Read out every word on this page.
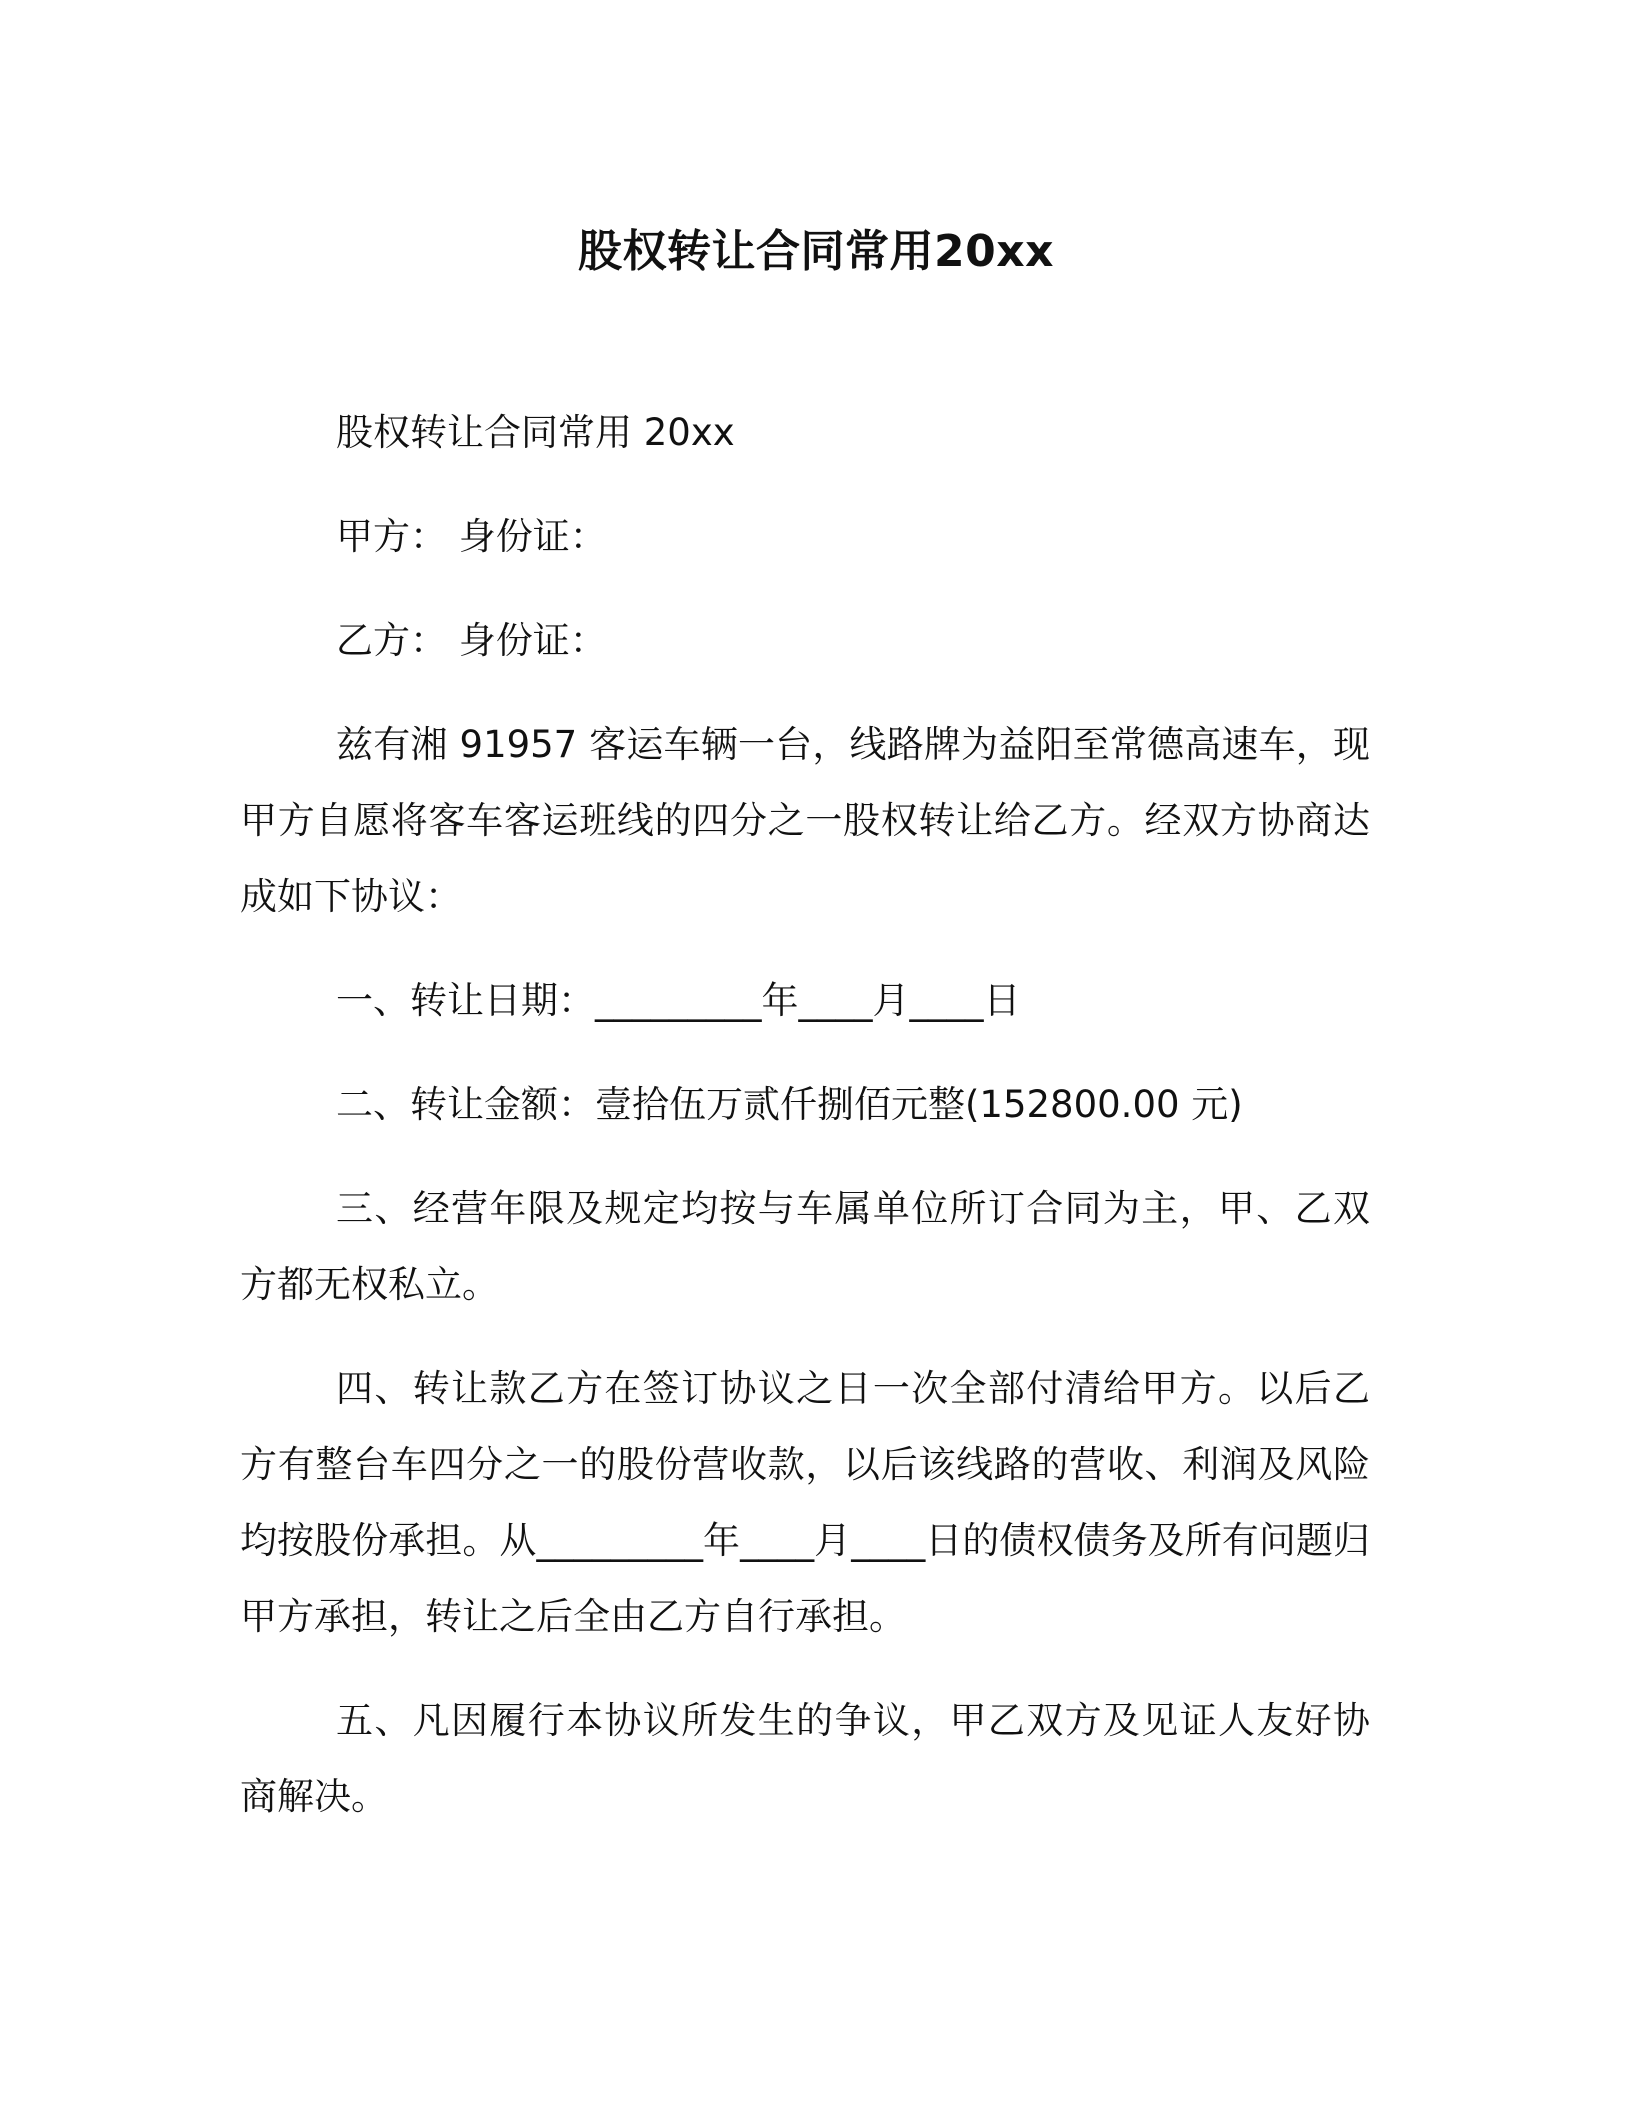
股权转让合同常用20xx

股权转让合同常用 20xx

甲方： 身份证：

乙方： 身份证：

兹有湘 91957 客运车辆一台，线路牌为益阳至常德高速车，现甲方自愿将客车客运班线的四分之一股权转让给乙方。经双方协商达成如下协议：

一、转让日期：_________年____月____日

二、转让金额：壹拾伍万贰仟捌佰元整(152800.00 元)

三、经营年限及规定均按与车属单位所订合同为主，甲、乙双方都无权私立。

四、转让款乙方在签订协议之日一次全部付清给甲方。以后乙方有整台车四分之一的股份营收款，以后该线路的营收、利润及风险均按股份承担。从_________年____月____日的债权债务及所有问题归甲方承担，转让之后全由乙方自行承担。

五、凡因履行本协议所发生的争议，甲乙双方及见证人友好协商解决。
